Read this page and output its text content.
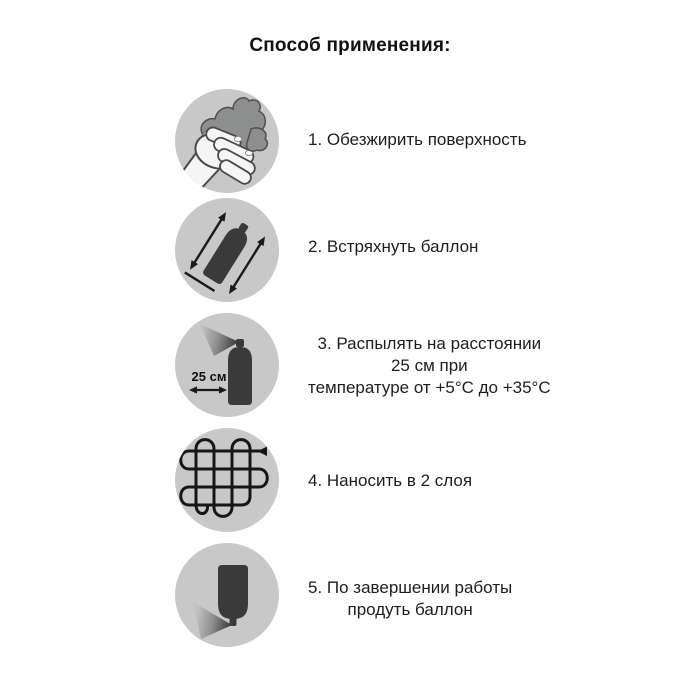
Способ применения:
1. Обезжирить поверхность
2. Встряхнуть баллон
25 см
3. Распылять на расстоянии
25 см при
температуре от +5°С до +35°С
4. Наносить в 2 слоя
5. По завершении работы
продуть баллон
